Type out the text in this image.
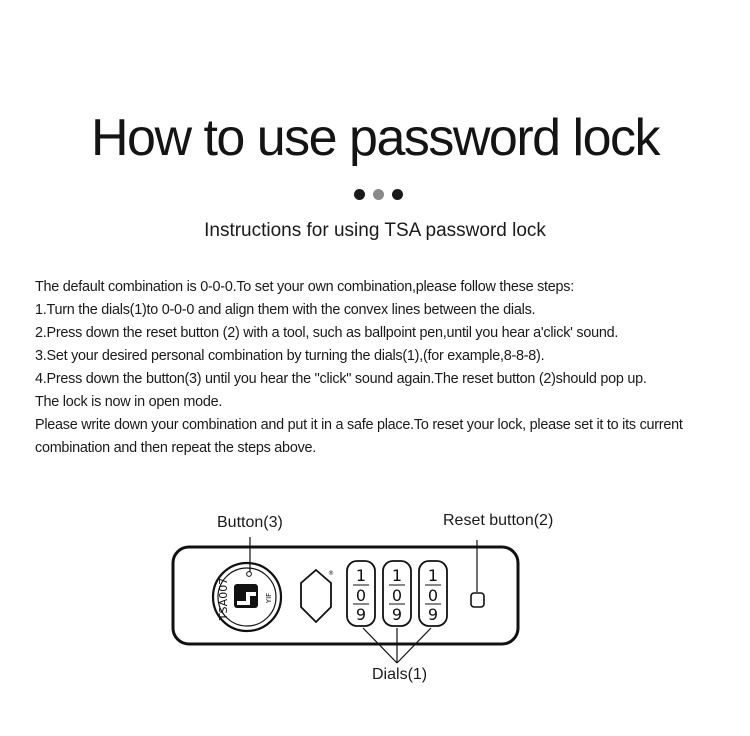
How to use password lock
Instructions for using TSA password lock
The default combination is 0-0-0.To set your own combination,please follow these steps:
1.Turn the dials(1)to 0-0-0 and align them with the convex lines between the dials.
2.Press down the reset button (2) with a tool, such as ballpoint pen,until you hear a'click' sound.
3.Set your desired personal combination by turning the dials(1),(for example,8-8-8).
4.Press down the button(3) until you hear the "click" sound again.The reset button (2)should pop up.
The lock is now in open mode.
Please write down your combination and put it in a safe place.To reset your lock, please set it to its current
combination and then repeat the steps above.
Button(3)	Reset button(2)
Dials(1)
TSA007	YIF
® 1
0
9
1
0
9
1
0
9
